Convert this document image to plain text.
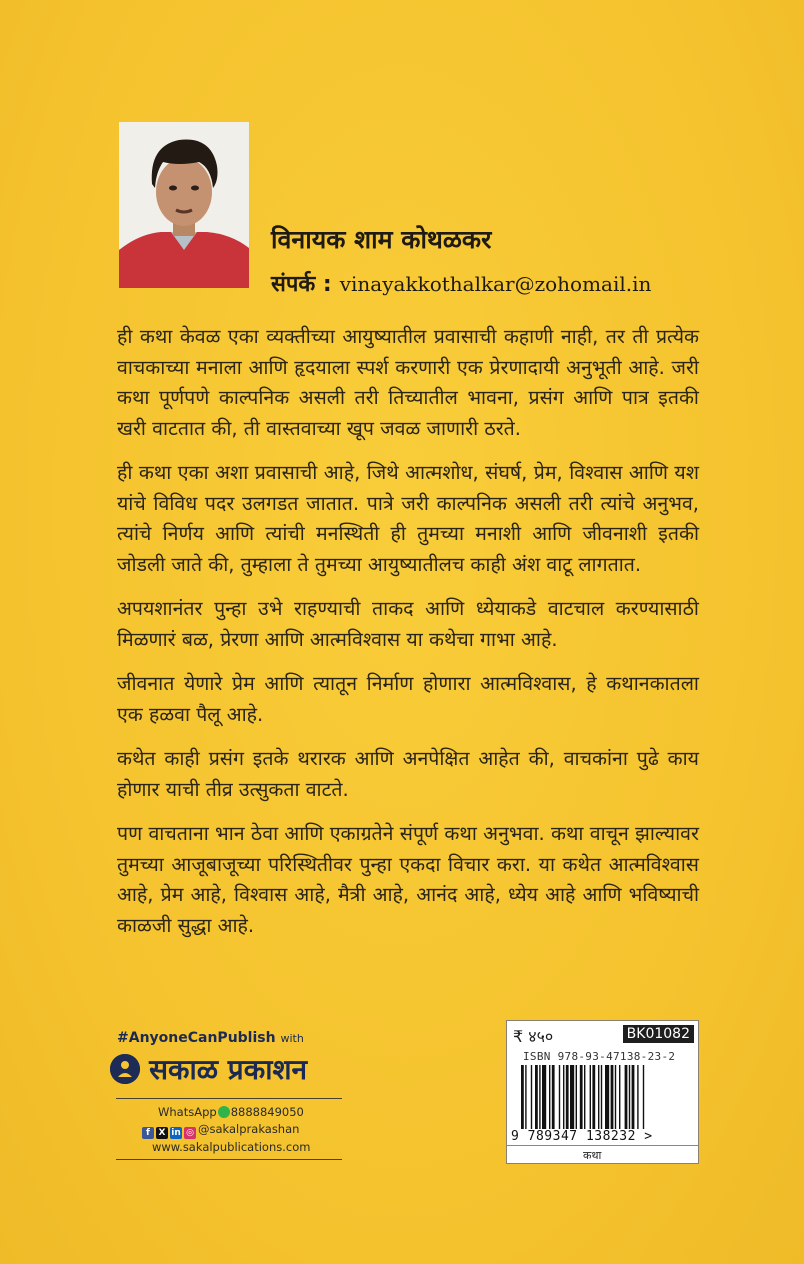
विनायक शाम कोथळकर
संपर्क : vinayakkothalkar@zohomail.in

ही कथा केवळ एका व्यक्तीच्या आयुष्यातील प्रवासाची कहाणी नाही, तर ती प्रत्येक वाचकाच्या मनाला आणि हृदयाला स्पर्श करणारी एक प्रेरणादायी अनुभूती आहे. जरी कथा पूर्णपणे काल्पनिक असली तरी तिच्यातील भावना, प्रसंग आणि पात्र इतकी खरी वाटतात की, ती वास्तवाच्या खूप जवळ जाणारी ठरते.

ही कथा एका अशा प्रवासाची आहे, जिथे आत्मशोध, संघर्ष, प्रेम, विश्वास आणि यश यांचे विविध पदर उलगडत जातात. पात्रे जरी काल्पनिक असली तरी त्यांचे अनुभव, त्यांचे निर्णय आणि त्यांची मनस्थिती ही तुमच्या मनाशी आणि जीवनाशी इतकी जोडली जाते की, तुम्हाला ते तुमच्या आयुष्यातीलच काही अंश वाटू लागतात.

अपयशानंतर पुन्हा उभे राहण्याची ताकद आणि ध्येयाकडे वाटचाल करण्यासाठी मिळणारं बळ, प्रेरणा आणि आत्मविश्वास या कथेचा गाभा आहे.

जीवनात येणारे प्रेम आणि त्यातून निर्माण होणारा आत्मविश्वास, हे कथानकातला एक हळवा पैलू आहे.

कथेत काही प्रसंग इतके थरारक आणि अनपेक्षित आहेत की, वाचकांना पुढे काय होणार याची तीव्र उत्सुकता वाटते.

पण वाचताना भान ठेवा आणि एकाग्रतेने संपूर्ण कथा अनुभवा. कथा वाचून झाल्यावर तुमच्या आजूबाजूच्या परिस्थितीवर पुन्हा एकदा विचार करा. या कथेत आत्मविश्वास आहे, प्रेम आहे, विश्वास आहे, मैत्री आहे, आनंद आहे, ध्येय आहे आणि भविष्याची काळजी सुद्धा आहे.

#AnyoneCanPublish with
सकाळ प्रकाशन
WhatsApp 8888849050
f X in ◎ @sakalprakashan
www.sakalpublications.com
₹ ४५०	BK01082
ISBN 978-93-47138-23-2
9 789347 138232 >
कथा
